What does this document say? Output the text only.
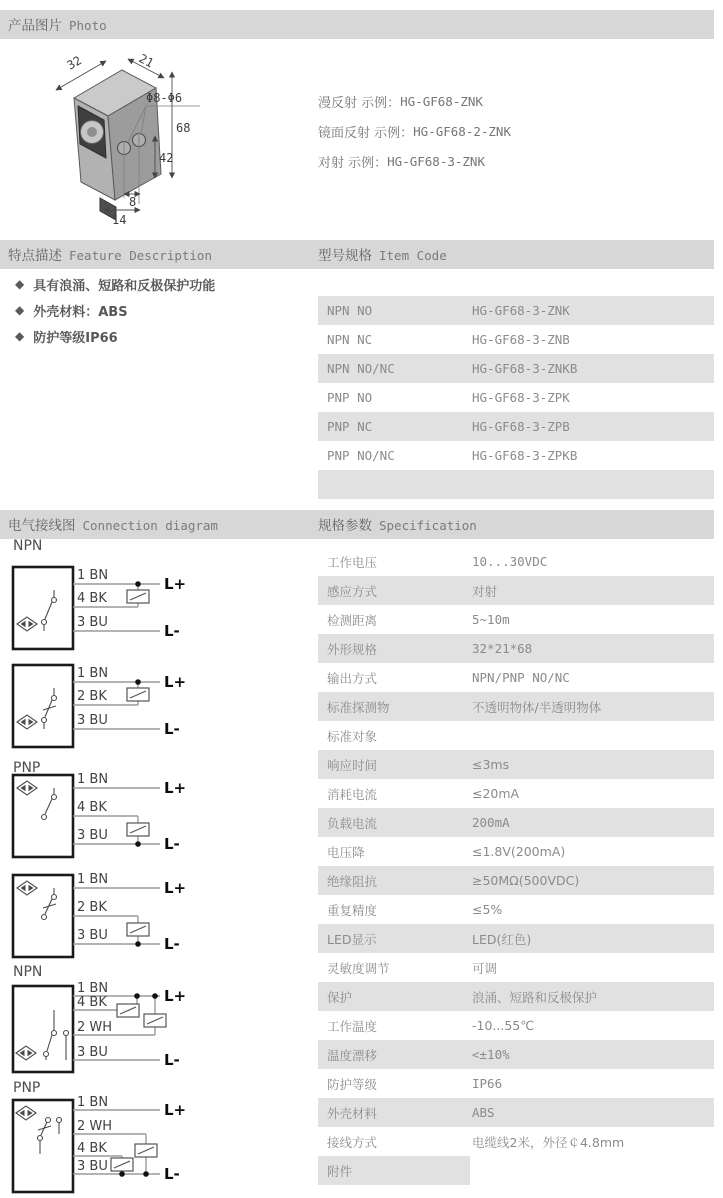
产品图片 Photo
32	21
Φ8-Φ6
68
42
8
14
漫反射 示例： HG-GF68-ZNK
镜面反射 示例： HG-GF68-2-ZNK
对射 示例： HG-GF68-3-ZNK
特点描述 Feature Description	型号规格 Item Code
◆ 具有浪涌、短路和反极保护功能
◆ 外壳材料：ABS
◆ 防护等级IP66
NPN NO	HG-GF68-3-ZNK
NPN NC	HG-GF68-3-ZNB
NPN NO/NC	HG-GF68-3-ZNKB
PNP NO	HG-GF68-3-ZPK
PNP NC	HG-GF68-3-ZPB
PNP NO/NC	HG-GF68-3-ZPKB
电气接线图 Connection diagram	规格参数 Specification
工作电压	10...30VDC
感应方式	对射
检测距离	5~10m
外形规格	32*21*68
输出方式	NPN/PNP NO/NC
标准探测物	不透明物体/半透明物体
标准对象
响应时间	≤3ms
消耗电流	≤20mA
负载电流	200mA
电压降	≤1.8V(200mA)
绝缘阻抗	≥50MΩ(500VDC)
重复精度	≤5%
LED显示	LED(红色)
灵敏度调节	可调
保护	浪涌、短路和反极保护
工作温度	-10...55℃
温度漂移	<±10%
防护等级	IP66
外壳材料	ABS
接线方式	电缆线2米，外径￠4.8mm
附件
NPN
1 BN
4 BK
3 BU
L+
L-
1 BN
2 BK
3 BU
L+
L-
PNP
1 BN
4 BK
3 BU
L+
L-
1 BN
2 BK
3 BU
L+
L-
NPN
1 BN
4 BK
2 WH
3 BU
L+
L-
PNP
1 BN
2 WH
4 BK
3 BU
L+
L-
